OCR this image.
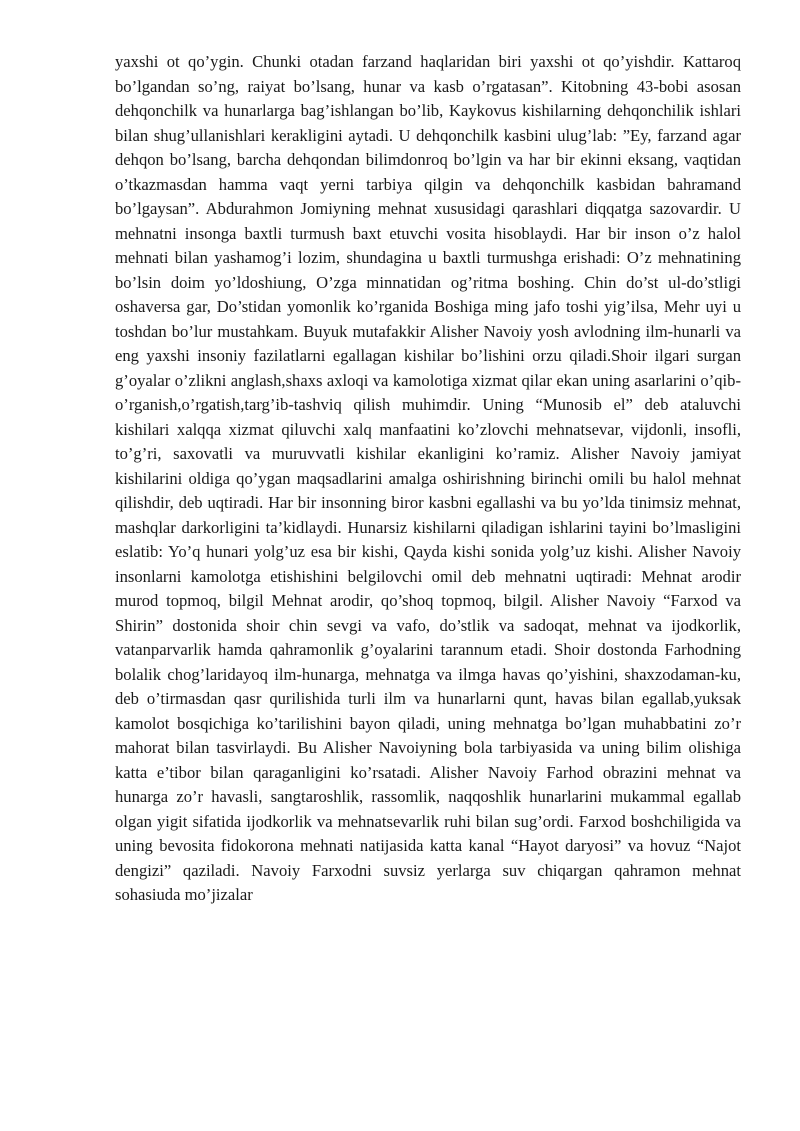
yaxshi ot qo’ygin. Chunki otadan farzand haqlaridan biri yaxshi ot qo’yishdir. Kattaroq bo’lgandan so’ng, raiyat bo’lsang, hunar va kasb o’rgatasan”. Kitobning 43-bobi asosan dehqonchilk va hunarlarga bag’ishlangan bo’lib, Kaykovus kishilarning dehqonchilik ishlari bilan shug’ullanishlari kerakligini aytadi. U dehqonchilk kasbini ulug’lab: ”Ey, farzand agar dehqon bo’lsang, barcha dehqondan bilimdonroq bo’lgin va har bir ekinni eksang, vaqtidan o’tkazmasdan hamma vaqt yerni tarbiya qilgin va dehqonchilk kasbidan bahramand bo’lgaysan”. Abdurahmon Jomiyning mehnat xususidagi qarashlari diqqatga sazovardir. U mehnatni insonga baxtli turmush baxt etuvchi vosita hisoblaydi. Har bir inson o’z halol mehnati bilan yashamog’i lozim, shundagina u baxtli turmushga erishadi: O’z mehnatining bo’lsin doim yo’ldoshiung, O’zga minnatidan og’ritma boshing. Chin do’st ul-do’stligi oshaversa gar, Do’stidan yomonlik ko’rganida Boshiga ming jafo toshi yig’ilsa, Mehr uyi u toshdan bo’lur mustahkam. Buyuk mutafakkir Alisher Navoiy yosh avlodning ilm-hunarli va eng yaxshi insoniy fazilatlarni egallagan kishilar bo’lishini orzu qiladi.Shoir ilgari surgan g’oyalar o’zlikni anglash,shaxs axloqi va kamolotiga xizmat qilar ekan uning asarlarini o’qib-o’rganish,o’rgatish,targ’ib-tashviq qilish muhimdir. Uning “Munosib el” deb ataluvchi kishilari xalqqa xizmat qiluvchi xalq manfaatini ko’zlovchi mehnatsevar, vijdonli, insofli, to’g’ri, saxovatli va muruvvatli kishilar ekanligini ko’ramiz. Alisher Navoiy jamiyat kishilarini oldiga qo’ygan maqsadlarini amalga oshirishning birinchi omili bu halol mehnat qilishdir, deb uqtiradi. Har bir insonning biror kasbni egallashi va bu yo’lda tinimsiz mehnat, mashqlar darkorligini ta’kidlaydi. Hunarsiz kishilarni qiladigan ishlarini tayini bo’lmasligini eslatib: Yo’q hunari yolg’uz esa bir kishi, Qayda kishi sonida yolg’uz kishi. Alisher Navoiy insonlarni kamolotga etishishini belgilovchi omil deb mehnatni uqtiradi: Mehnat arodir murod topmoq, bilgil Mehnat arodir, qo’shoq topmoq, bilgil. Alisher Navoiy “Farxod va Shirin” dostonida shoir chin sevgi va vafo, do’stlik va sadoqat, mehnat va ijodkorlik, vatanparvarlik hamda qahramonlik g’oyalarini tarannum etadi. Shoir dostonda Farhodning bolalik chog’laridayoq ilm-hunarga, mehnatga va ilmga havas qo’yishini, shaxzodaman-ku, deb o’tirmasdan qasr qurilishida turli ilm va hunarlarni qunt, havas bilan egallab,yuksak kamolot bosqichiga ko’tarilishini bayon qiladi, uning mehnatga bo’lgan muhabbatini zo’r mahorat bilan tasvirlaydi. Bu Alisher Navoiyning bola tarbiyasida va uning bilim olishiga katta e’tibor bilan qaraganligini ko’rsatadi. Alisher Navoiy Farhod obrazini mehnat va hunarga zo’r havasli, sangtaroshlik, rassomlik, naqqoshlik hunarlarini mukammal egallab olgan yigit sifatida ijodkorlik va mehnatsevarlik ruhi bilan sug’ordi. Farxod boshchiligida va uning bevosita fidokorona mehnati natijasida katta kanal “Hayot daryosi” va hovuz “Najot dengizi” qaziladi. Navoiy Farxodni suvsiz yerlarga suv chiqargan qahramon mehnat sohasiuda mo’jizalar
